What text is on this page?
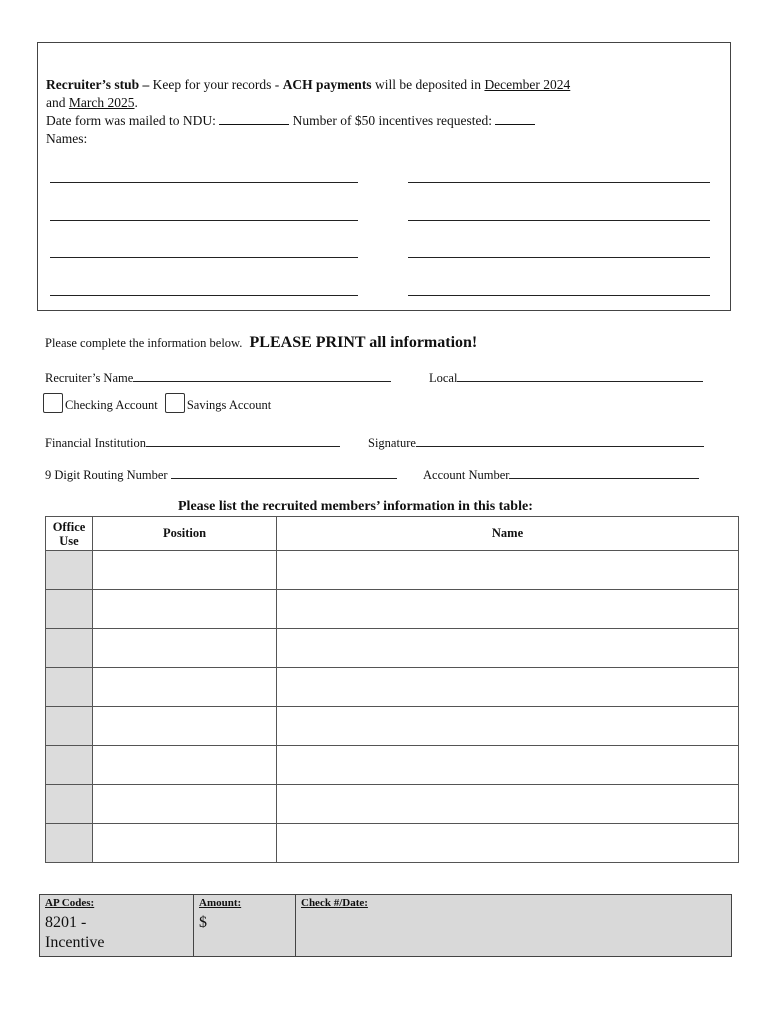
Recruiter’s stub – Keep for your records - ACH payments will be deposited in December 2024
and March 2025.
Date form was mailed to NDU:	Number of $50 incentives requested:
Names:
Please complete the information below. PLEASE PRINT all information!
Recruiter’s Name	Local
Checking Account Savings Account
Financial Institution	Signature
9 Digit Routing Number	Account Number
Please list the recruited members’ information in this table:
Office
Use	Position	Name

AP Codes:
8201 -
Incentive

Amount:
$

Check #/Date:
